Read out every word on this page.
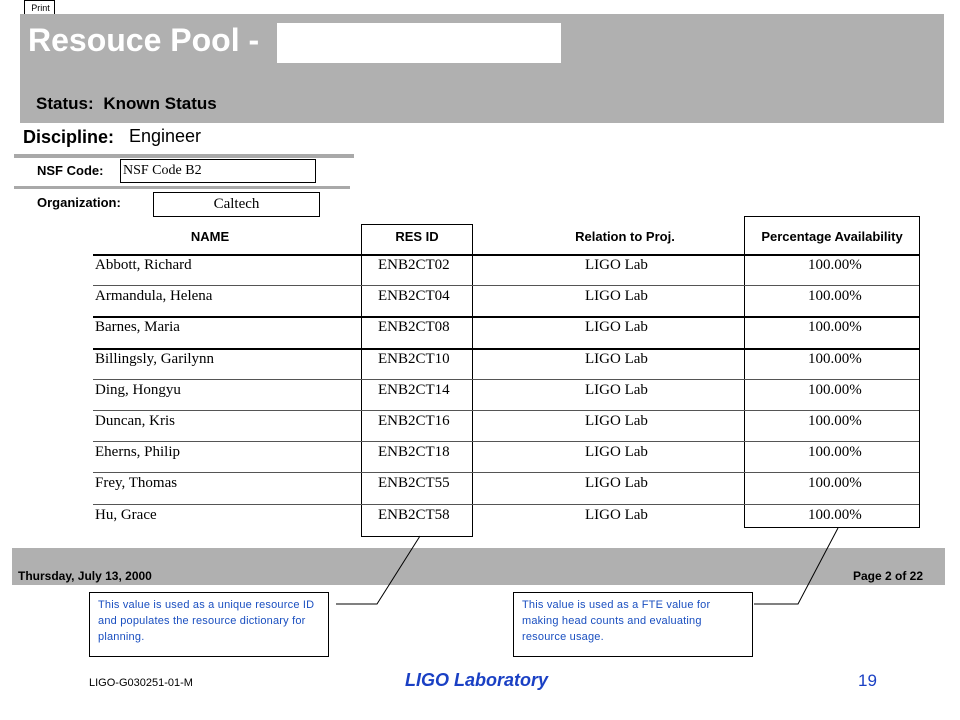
Print
Resouce Pool -
Status: Known Status
Discipline: Engineer
NSF Code: NSF Code B2
Organization:	Caltech
NAME	RES ID	Relation to Proj.	Percentage Availability
Abbott, Richard	ENB2CT02	LIGO Lab	100.00%
Armandula, Helena	ENB2CT04	LIGO Lab	100.00%
Barnes, Maria	ENB2CT08	LIGO Lab	100.00%
Billingsly, Garilynn	ENB2CT10	LIGO Lab	100.00%
Ding, Hongyu	ENB2CT14	LIGO Lab	100.00%
Duncan, Kris	ENB2CT16	LIGO Lab	100.00%
Eherns, Philip	ENB2CT18	LIGO Lab	100.00%
Frey, Thomas	ENB2CT55	LIGO Lab	100.00%
Hu, Grace	ENB2CT58	LIGO Lab	100.00%
Thursday, July 13, 2000	Page 2 of 22
This value is used as a unique resource ID and populates the resource dictionary for planning.
This value is used as a FTE value for making head counts and evaluating resource usage.
LIGO-G030251-01-M	LIGO Laboratory	19
